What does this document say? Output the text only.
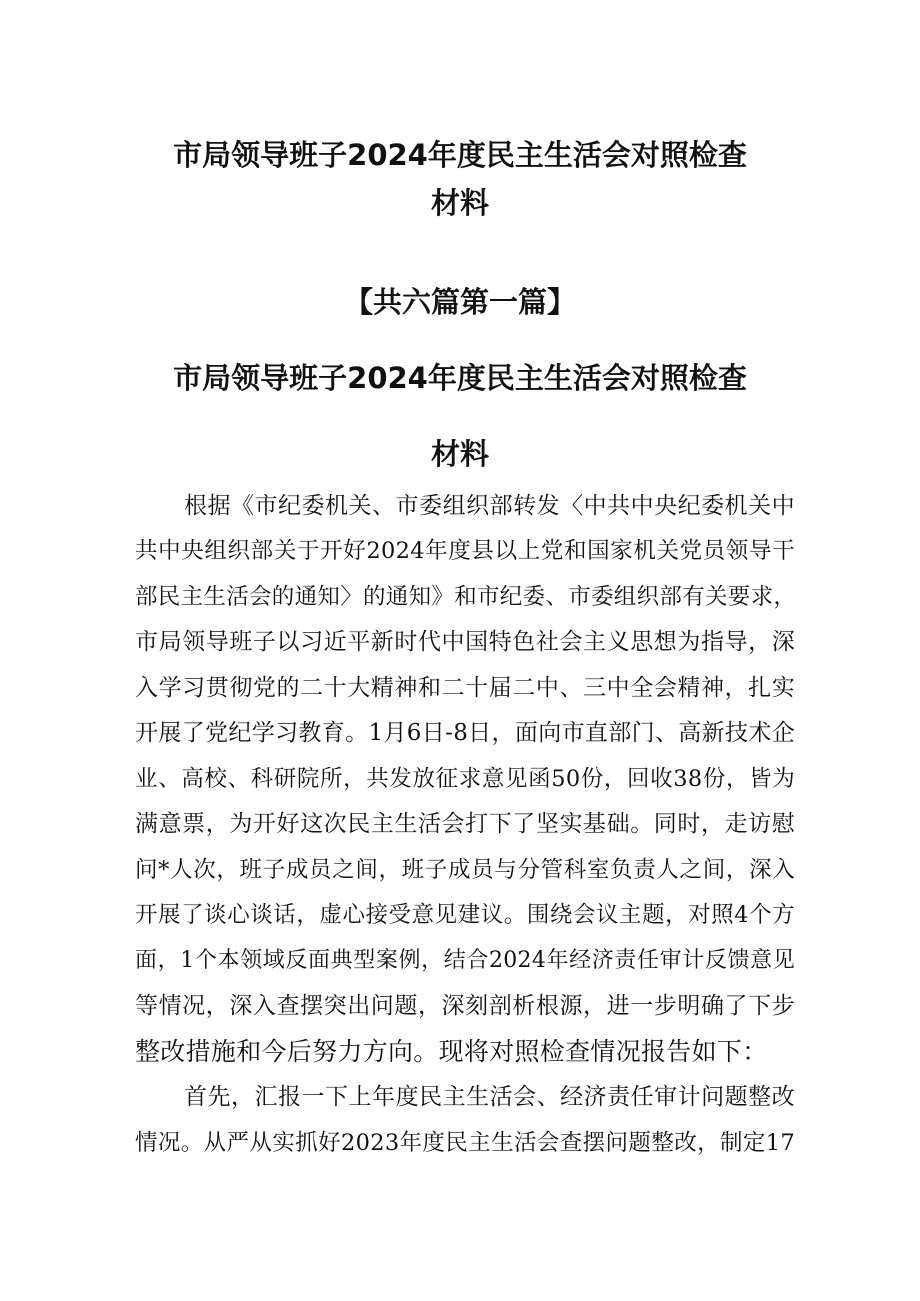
市局领导班子2024年度民主生活会对照检查
材料
【共六篇第一篇】
市局领导班子2024年度民主生活会对照检查
材料
根据《市纪委机关、市委组织部转发〈中共中央纪委机关中
共中央组织部关于开好2024年度县以上党和国家机关党员领导干
部民主生活会的通知〉的通知》和市纪委、市委组织部有关要求，
市局领导班子以习近平新时代中国特色社会主义思想为指导，深
入学习贯彻党的二十大精神和二十届二中、三中全会精神，扎实
开展了党纪学习教育。1月6日-8日，面向市直部门、高新技术企
业、高校、科研院所，共发放征求意见函50份，回收38份，皆为
满意票，为开好这次民主生活会打下了坚实基础。同时，走访慰
问*人次，班子成员之间，班子成员与分管科室负责人之间，深入
开展了谈心谈话，虚心接受意见建议。围绕会议主题，对照4个方
面，1个本领域反面典型案例，结合2024年经济责任审计反馈意见
等情况，深入查摆突出问题，深刻剖析根源，进一步明确了下步
整改措施和今后努力方向。现将对照检查情况报告如下：
首先，汇报一下上年度民主生活会、经济责任审计问题整改
情况。从严从实抓好2023年度民主生活会查摆问题整改，制定17
